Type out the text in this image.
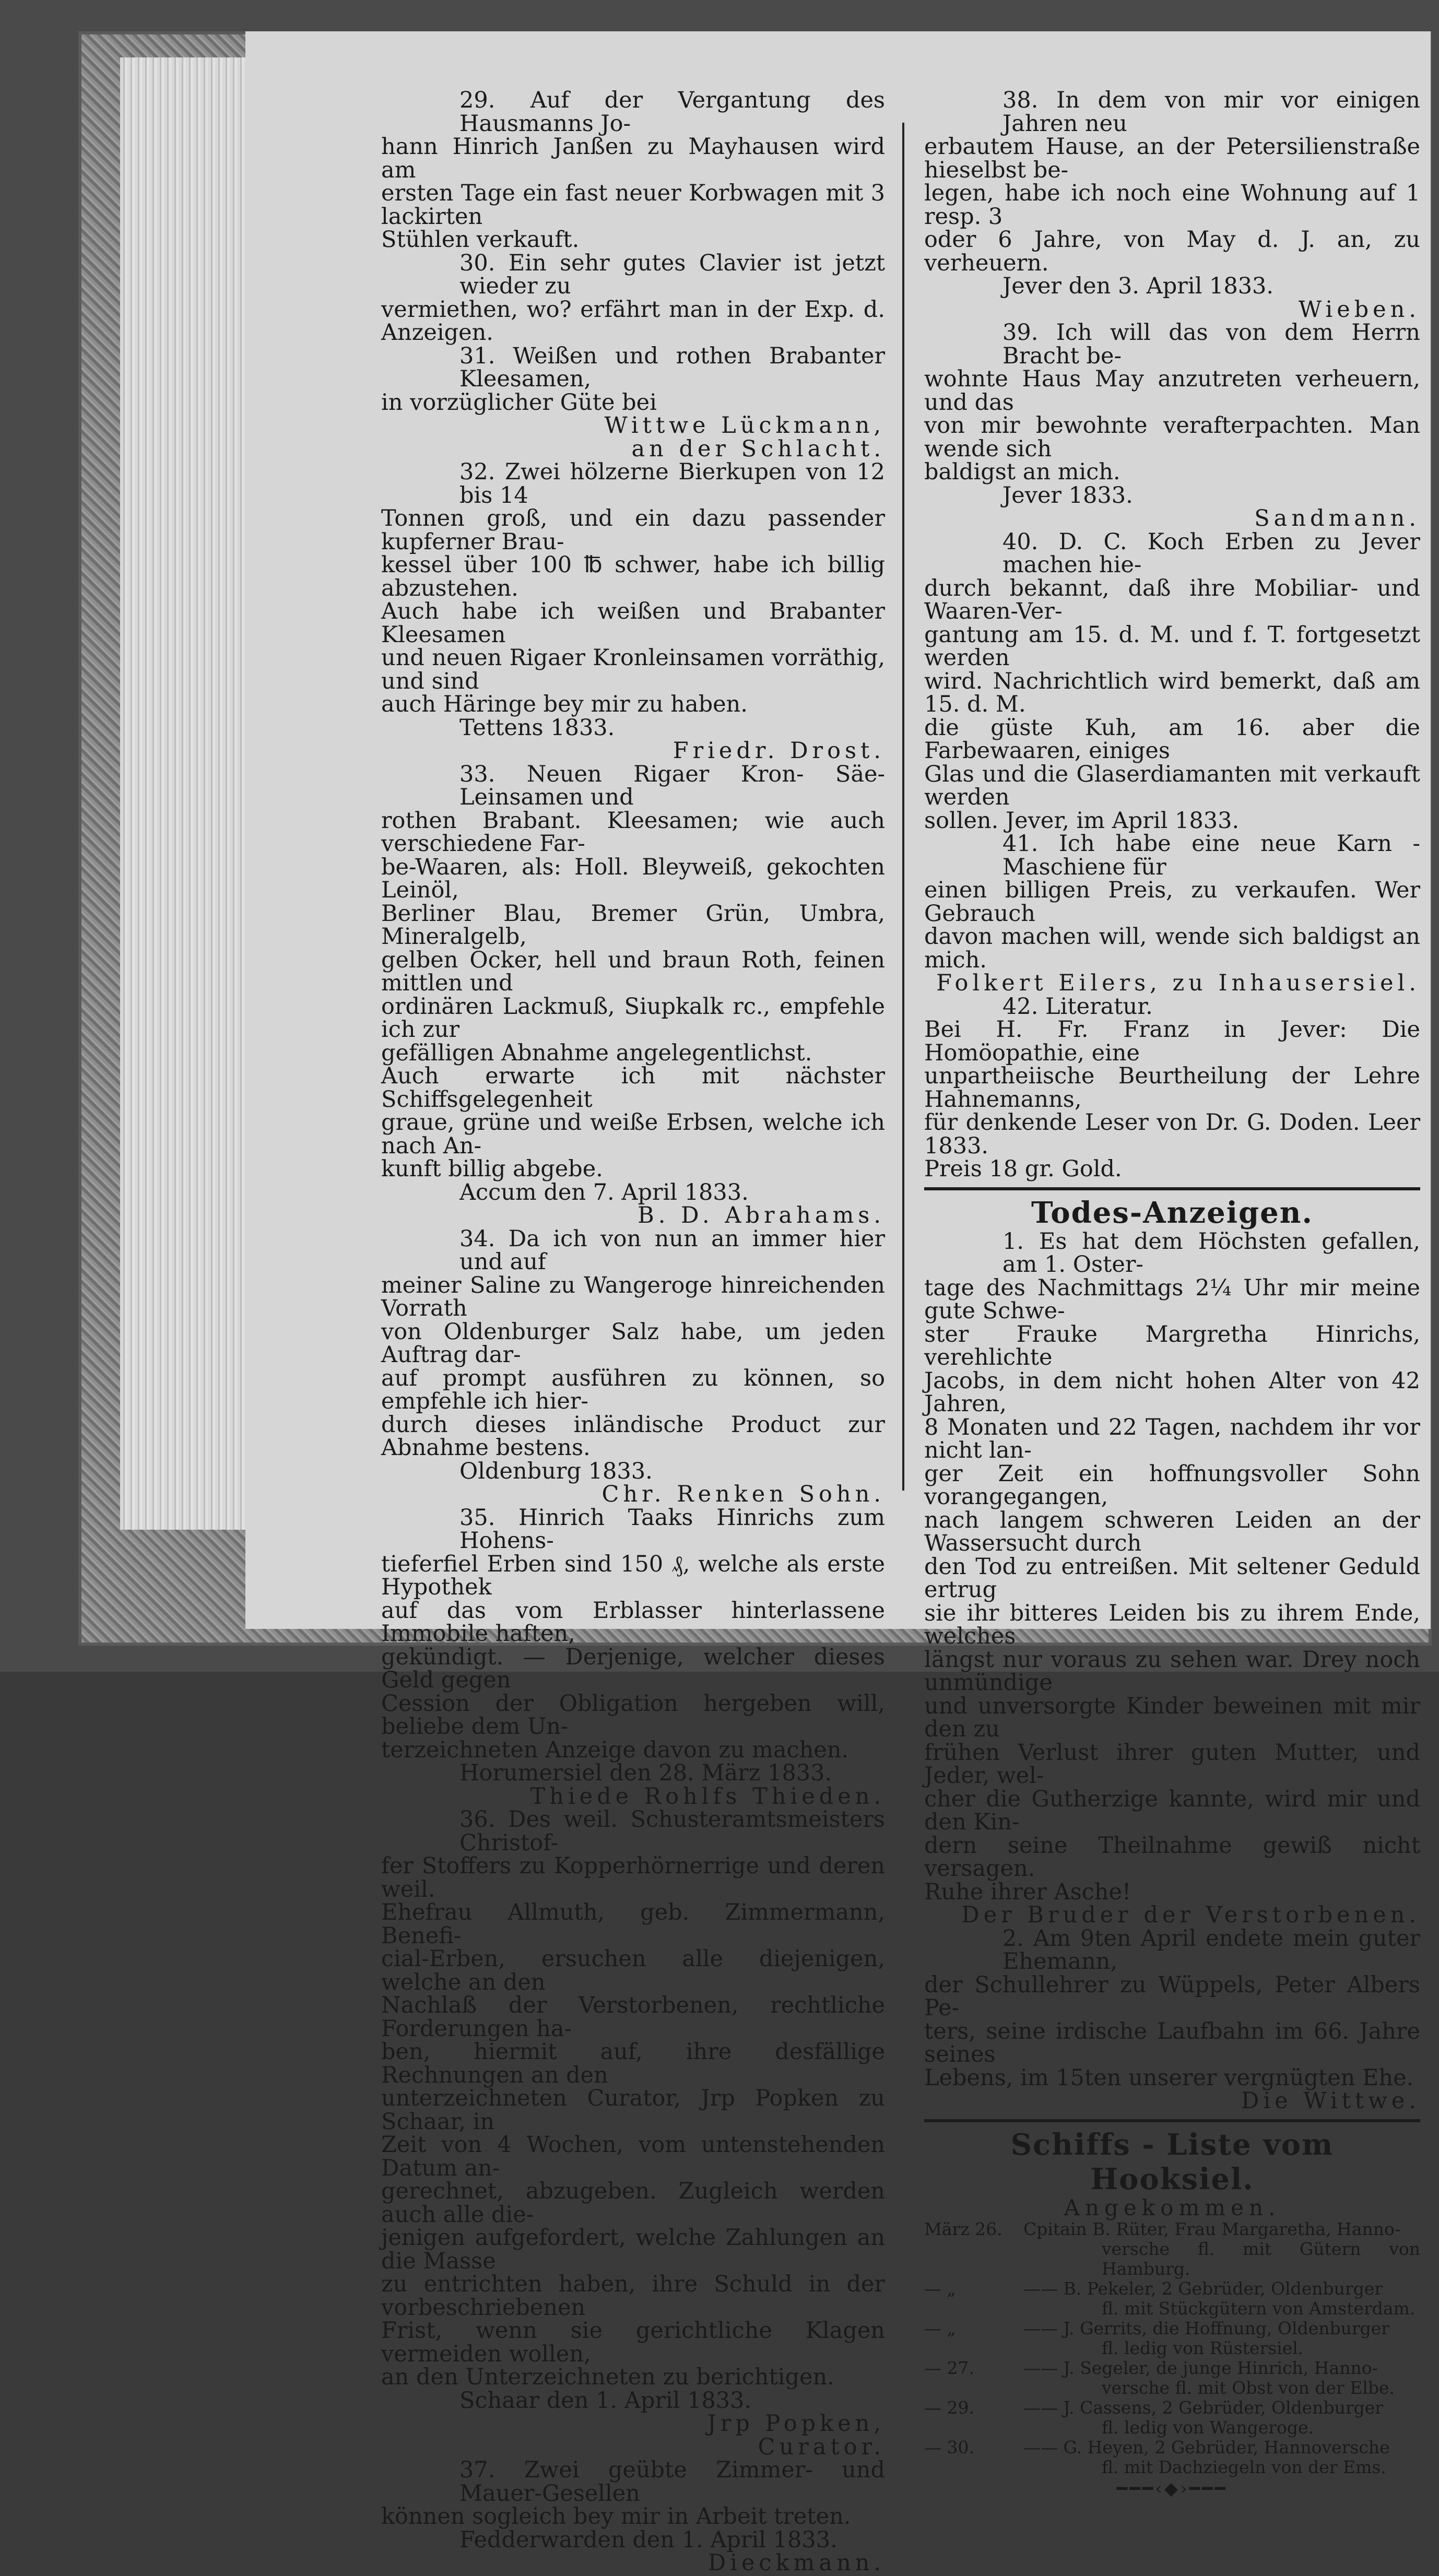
29. Auf der Vergantung des Hausmanns Jo-
hann Hinrich Janßen zu Mayhausen wird am
ersten Tage ein fast neuer Korbwagen mit 3 lackirten
Stühlen verkauft.
30. Ein sehr gutes Clavier ist jetzt wieder zu
vermiethen, wo? erfährt man in der Exp. d. Anzeigen.
31. Weißen und rothen Brabanter Kleesamen,
in vorzüglicher Güte bei
Wittwe Lückmann,
an der Schlacht.
32. Zwei hölzerne Bierkupen von 12 bis 14
Tonnen groß, und ein dazu passender kupferner Brau-
kessel über 100 ℔ schwer, habe ich billig abzustehen.
Auch habe ich weißen und Brabanter Kleesamen
und neuen Rigaer Kronleinsamen vorräthig, und sind
auch Häringe bey mir zu haben.
Tettens 1833.
Friedr. Drost.
33. Neuen Rigaer Kron- Säe-Leinsamen und
rothen Brabant. Kleesamen; wie auch verschiedene Far-
be-Waaren, als: Holl. Bleyweiß, gekochten Leinöl,
Berliner Blau, Bremer Grün, Umbra, Mineralgelb,
gelben Ocker, hell und braun Roth, feinen mittlen und
ordinären Lackmuß, Siupkalk rc., empfehle ich zur
gefälligen Abnahme angelegentlichst.
Auch erwarte ich mit nächster Schiffsgelegenheit
graue, grüne und weiße Erbsen, welche ich nach An-
kunft billig abgebe.
Accum den 7. April 1833.
B. D. Abrahams.
34. Da ich von nun an immer hier und auf
meiner Saline zu Wangeroge hinreichenden Vorrath
von Oldenburger Salz habe, um jeden Auftrag dar-
auf prompt ausführen zu können, so empfehle ich hier-
durch dieses inländische Product zur Abnahme bestens.
Oldenburg 1833.
Chr. Renken Sohn.
35. Hinrich Taaks Hinrichs zum Hohens-
tieferfiel Erben sind 150 ₰, welche als erste Hypothek
auf das vom Erblasser hinterlassene Immobile haften,
gekündigt. — Derjenige, welcher dieses Geld gegen
Cession der Obligation hergeben will, beliebe dem Un-
terzeichneten Anzeige davon zu machen.
Horumersiel den 28. März 1833.
Thiede Rohlfs Thieden.
36. Des weil. Schusteramtsmeisters Christof-
fer Stoffers zu Kopperhörnerrige und deren weil.
Ehefrau Allmuth, geb. Zimmermann, Benefi-
cial-Erben, ersuchen alle diejenigen, welche an den
Nachlaß der Verstorbenen, rechtliche Forderungen ha-
ben, hiermit auf, ihre desfällige Rechnungen an den
unterzeichneten Curator, Jrp Popken zu Schaar, in
Zeit von 4 Wochen, vom untenstehenden Datum an-
gerechnet, abzugeben. Zugleich werden auch alle die-
jenigen aufgefordert, welche Zahlungen an die Masse
zu entrichten haben, ihre Schuld in der vorbeschriebenen
Frist, wenn sie gerichtliche Klagen vermeiden wollen,
an den Unterzeichneten zu berichtigen.
Schaar den 1. April 1833.
Jrp Popken,
Curator.
37. Zwei geübte Zimmer- und Mauer-Gesellen
können sogleich bey mir in Arbeit treten.
Fedderwarden den 1. April 1833.
Dieckmann.
38. In dem von mir vor einigen Jahren neu
erbautem Hause, an der Petersilienstraße hieselbst be-
legen, habe ich noch eine Wohnung auf 1 resp. 3
oder 6 Jahre, von May d. J. an, zu verheuern.
Jever den 3. April 1833.
Wieben.
39. Ich will das von dem Herrn Bracht be-
wohnte Haus May anzutreten verheuern, und das
von mir bewohnte verafterpachten. Man wende sich
baldigst an mich.
Jever 1833.
Sandmann.
40. D. C. Koch Erben zu Jever machen hie-
durch bekannt, daß ihre Mobiliar- und Waaren-Ver-
gantung am 15. d. M. und f. T. fortgesetzt werden
wird. Nachrichtlich wird bemerkt, daß am 15. d. M.
die güste Kuh, am 16. aber die Farbewaaren, einiges
Glas und die Glaserdiamanten mit verkauft werden
sollen. Jever, im April 1833.
41. Ich habe eine neue Karn - Maschiene für
einen billigen Preis, zu verkaufen. Wer Gebrauch
davon machen will, wende sich baldigst an mich.
Folkert Eilers, zu Inhausersiel.
42. Literatur.
Bei H. Fr. Franz in Jever: Die Homöopathie, eine
unpartheiische Beurtheilung der Lehre Hahnemanns,
für denkende Leser von Dr. G. Doden. Leer 1833.
Preis 18 gr. Gold.
Todes-Anzeigen.
1. Es hat dem Höchsten gefallen, am 1. Oster-
tage des Nachmittags 2¼ Uhr mir meine gute Schwe-
ster Frauke Margretha Hinrichs, verehlichte
Jacobs, in dem nicht hohen Alter von 42 Jahren,
8 Monaten und 22 Tagen, nachdem ihr vor nicht lan-
ger Zeit ein hoffnungsvoller Sohn vorangegangen,
nach langem schweren Leiden an der Wassersucht durch
den Tod zu entreißen. Mit seltener Geduld ertrug
sie ihr bitteres Leiden bis zu ihrem Ende, welches
längst nur voraus zu sehen war. Drey noch unmündige
und unversorgte Kinder beweinen mit mir den zu
frühen Verlust ihrer guten Mutter, und Jeder, wel-
cher die Gutherzige kannte, wird mir und den Kin-
dern seine Theilnahme gewiß nicht versagen.
Ruhe ihrer Asche!
Der Bruder der Verstorbenen.
2. Am 9ten April endete mein guter Ehemann,
der Schullehrer zu Wüppels, Peter Albers Pe-
ters, seine irdische Laufbahn im 66. Jahre seines
Lebens, im 15ten unserer vergnügten Ehe.
Die Wittwe.
Schiffs - Liste vom Hooksiel.
Angekommen.
März 26.	Cpitain B. Rüter, Frau Margaretha, Hanno-
versche fl. mit Gütern von Hamburg.
— „	—— B. Pekeler, 2 Gebrüder, Oldenburger
fl. mit Stückgütern von Amsterdam.
— „	—— J. Gerrits, die Hoffnung, Oldenburger
fl. ledig von Rüstersiel.
— 27.	—— J. Segeler, de junge Hinrich, Hanno-
versche fl. mit Obst von der Elbe.
— 29.	—— J. Cassens, 2 Gebrüder, Oldenburger
fl. ledig von Wangeroge.
— 30.	—— G. Heyen, 2 Gebrüder, Hannoversche
fl. mit Dachziegeln von der Ems.
━━━‹◆›━━━
